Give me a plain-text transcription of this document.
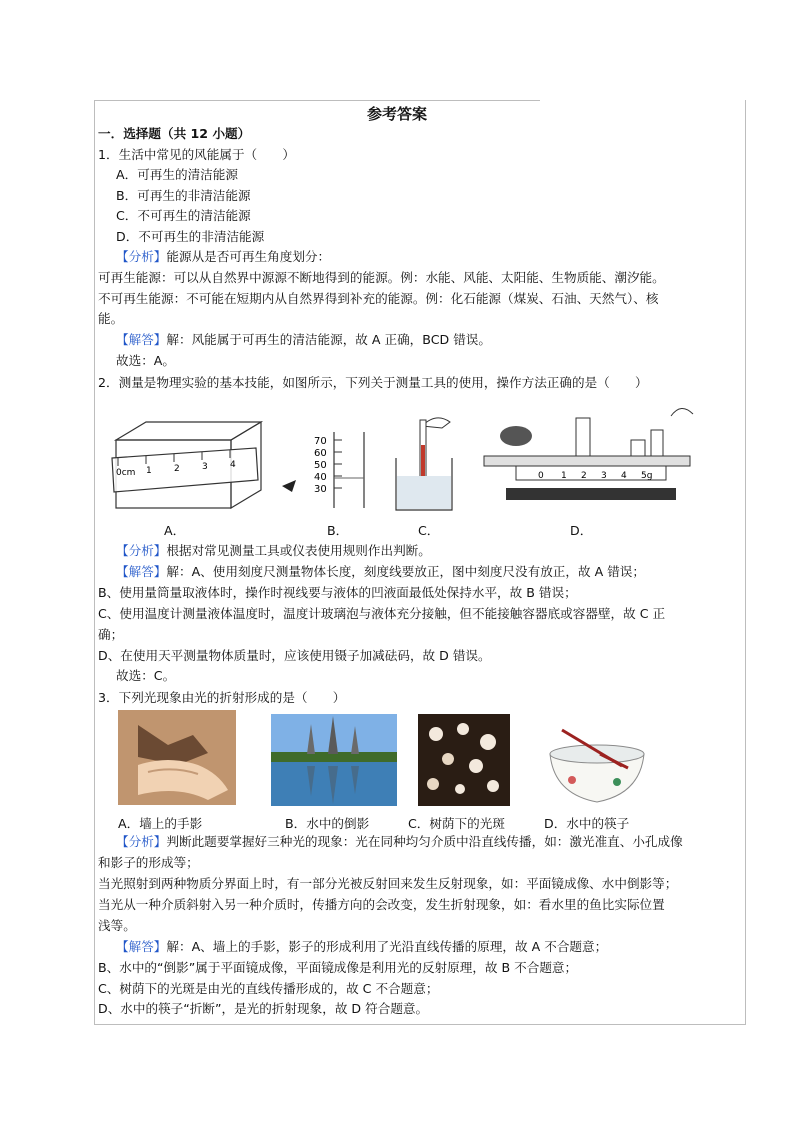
参考答案
一．选择题（共 12 小题）
1．生活中常见的风能属于（　　）
A．可再生的清洁能源
B．可再生的非清洁能源
C．不可再生的清洁能源
D．不可再生的非清洁能源
【分析】能源从是否可再生角度划分：
可再生能源：可以从自然界中源源不断地得到的能源。例：水能、风能、太阳能、生物质能、潮汐能。
不可再生能源：不可能在短期内从自然界得到补充的能源。例：化石能源（煤炭、石油、天然气）、核
能。
【解答】解：风能属于可再生的清洁能源，故 A 正确，BCD 错误。
故选：A。
2．测量是物理实验的基本技能，如图所示，下列关于测量工具的使用，操作方法正确的是（　　）
0cm 1 2 3 4
70
60
50
40
30
0 1 2 3 4 5g
A．	B．	C．	D．
【分析】根据对常见测量工具或仪表使用规则作出判断。
【解答】解：A、使用刻度尺测量物体长度，刻度线要放正，图中刻度尺没有放正，故 A 错误；
B、使用量筒量取液体时，操作时视线要与液体的凹液面最低处保持水平，故 B 错误；
C、使用温度计测量液体温度时，温度计玻璃泡与液体充分接触，但不能接触容器底或容器壁，故 C 正
确；
D、在使用天平测量物体质量时，应该使用镊子加减砝码，故 D 错误。
故选：C。
3．下列光现象由光的折射形成的是（　　）
A．墙上的手影	B．水中的倒影	C．树荫下的光斑	D．水中的筷子
【分析】判断此题要掌握好三种光的现象：光在同种均匀介质中沿直线传播，如：激光准直、小孔成像
和影子的形成等；
当光照射到两种物质分界面上时，有一部分光被反射回来发生反射现象，如：平面镜成像、水中倒影等；
当光从一种介质斜射入另一种介质时，传播方向的会改变，发生折射现象，如：看水里的鱼比实际位置
浅等。
【解答】解：A、墙上的手影，影子的形成利用了光沿直线传播的原理，故 A 不合题意；
B、水中的“倒影”属于平面镜成像，平面镜成像是利用光的反射原理，故 B 不合题意；
C、树荫下的光斑是由光的直线传播形成的，故 C 不合题意；
D、水中的筷子“折断”，是光的折射现象，故 D 符合题意。
